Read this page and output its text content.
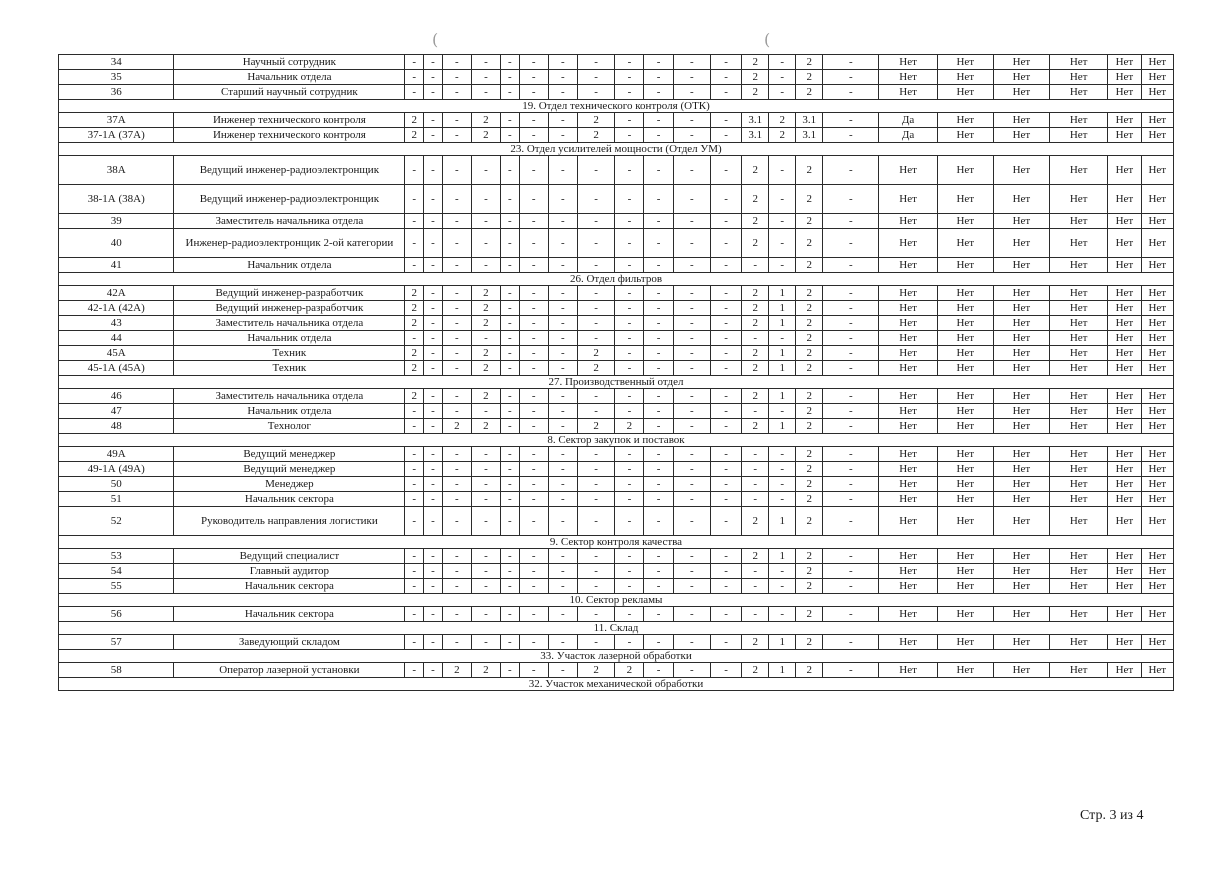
(	(
34	Научный сотрудник	-	-	-	-	-	-	-	-	-	-	-	-	2	-	2	-	Нет	Нет	Нет	Нет	Нет	Нет
35	Начальник отдела	-	-	-	-	-	-	-	-	-	-	-	-	2	-	2	-	Нет	Нет	Нет	Нет	Нет	Нет
36	Старший научный сотрудник	-	-	-	-	-	-	-	-	-	-	-	-	2	-	2	-	Нет	Нет	Нет	Нет	Нет	Нет
19. Отдел технического контроля (ОТК)																							
37А	Инженер технического контроля	2	-	-	2	-	-	-	2	-	-	-	-	3.1	2	3.1	-	Да	Нет	Нет	Нет	Нет	Нет
37-1А (37А)	Инженер технического контроля	2	-	-	2	-	-	-	2	-	-	-	-	3.1	2	3.1	-	Да	Нет	Нет	Нет	Нет	Нет
23. Отдел усилителей мощности (Отдел УМ)																							
38А	Ведущий инженер-радиоэлектронщик	-	-	-	-	-	-	-	-	-	-	-	-	2	-	2	-	Нет	Нет	Нет	Нет	Нет	Нет
38-1А (38А)	Ведущий инженер-радиоэлектронщик	-	-	-	-	-	-	-	-	-	-	-	-	2	-	2	-	Нет	Нет	Нет	Нет	Нет	Нет
39	Заместитель начальника отдела	-	-	-	-	-	-	-	-	-	-	-	-	2	-	2	-	Нет	Нет	Нет	Нет	Нет	Нет
40	Инженер-радиоэлектронщик 2-ой категории	-	-	-	-	-	-	-	-	-	-	-	-	2	-	2	-	Нет	Нет	Нет	Нет	Нет	Нет
41	Начальник отдела	-	-	-	-	-	-	-	-	-	-	-	-	-	-	2	-	Нет	Нет	Нет	Нет	Нет	Нет
26. Отдел фильтров																							
42А	Ведущий инженер-разработчик	2	-	-	2	-	-	-	-	-	-	-	-	2	1	2	-	Нет	Нет	Нет	Нет	Нет	Нет
42-1А (42А)	Ведущий инженер-разработчик	2	-	-	2	-	-	-	-	-	-	-	-	2	1	2	-	Нет	Нет	Нет	Нет	Нет	Нет
43	Заместитель начальника отдела	2	-	-	2	-	-	-	-	-	-	-	-	2	1	2	-	Нет	Нет	Нет	Нет	Нет	Нет
44	Начальник отдела	-	-	-	-	-	-	-	-	-	-	-	-	-	-	2	-	Нет	Нет	Нет	Нет	Нет	Нет
45А	Техник	2	-	-	2	-	-	-	2	-	-	-	-	2	1	2	-	Нет	Нет	Нет	Нет	Нет	Нет
45-1А (45А)	Техник	2	-	-	2	-	-	-	2	-	-	-	-	2	1	2	-	Нет	Нет	Нет	Нет	Нет	Нет
27. Производственный отдел																							
46	Заместитель начальника отдела	2	-	-	2	-	-	-	-	-	-	-	-	2	1	2	-	Нет	Нет	Нет	Нет	Нет	Нет
47	Начальник отдела	-	-	-	-	-	-	-	-	-	-	-	-	-	-	2	-	Нет	Нет	Нет	Нет	Нет	Нет
48	Технолог	-	-	2	2	-	-	-	2	2	-	-	-	2	1	2	-	Нет	Нет	Нет	Нет	Нет	Нет
8. Сектор закупок и поставок																							
49А	Ведущий менеджер	-	-	-	-	-	-	-	-	-	-	-	-	-	-	2	-	Нет	Нет	Нет	Нет	Нет	Нет
49-1А (49А)	Ведущий менеджер	-	-	-	-	-	-	-	-	-	-	-	-	-	-	2	-	Нет	Нет	Нет	Нет	Нет	Нет
50	Менеджер	-	-	-	-	-	-	-	-	-	-	-	-	-	-	2	-	Нет	Нет	Нет	Нет	Нет	Нет
51	Начальник сектора	-	-	-	-	-	-	-	-	-	-	-	-	-	-	2	-	Нет	Нет	Нет	Нет	Нет	Нет
52	Руководитель направления логистики	-	-	-	-	-	-	-	-	-	-	-	-	2	1	2	-	Нет	Нет	Нет	Нет	Нет	Нет
9. Сектор контроля качества																							
53	Ведущий специалист	-	-	-	-	-	-	-	-	-	-	-	-	2	1	2	-	Нет	Нет	Нет	Нет	Нет	Нет
54	Главный аудитор	-	-	-	-	-	-	-	-	-	-	-	-	-	-	2	-	Нет	Нет	Нет	Нет	Нет	Нет
55	Начальник сектора	-	-	-	-	-	-	-	-	-	-	-	-	-	-	2	-	Нет	Нет	Нет	Нет	Нет	Нет
10. Сектор рекламы																							
56	Начальник сектора	-	-	-	-	-	-	-	-	-	-	-	-	-	-	2	-	Нет	Нет	Нет	Нет	Нет	Нет
11. Склад																							
57	Заведующий складом	-	-	-	-	-	-	-	-	-	-	-	-	2	1	2	-	Нет	Нет	Нет	Нет	Нет	Нет
33. Участок лазерной обработки																							
58	Оператор лазерной установки	-	-	2	2	-	-	-	2	2	-	-	-	2	1	2	-	Нет	Нет	Нет	Нет	Нет	Нет
32. Участок механической обработки																							
Стр. 3 из 4
